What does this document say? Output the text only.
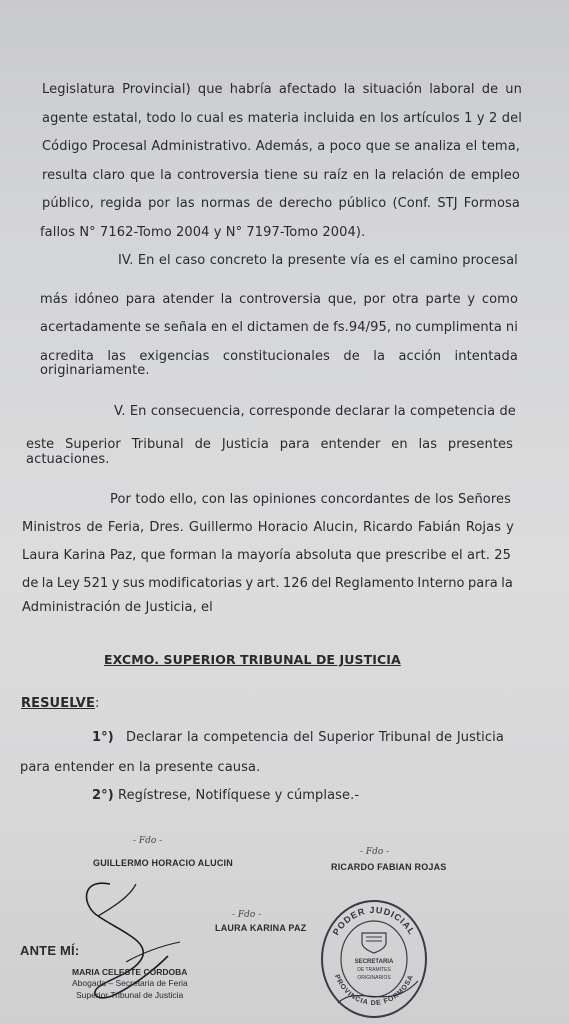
Legislatura Provincial) que habría afectado la situación laboral de un
agente estatal, todo lo cual es materia incluida en los artículos 1 y 2 del
Código Procesal Administrativo. Además, a poco que se analiza el tema,
resulta claro que la controversia tiene su raíz en la relación de empleo
público, regida por las normas de derecho público (Conf. STJ Formosa
fallos N° 7162-Tomo 2004 y N° 7197-Tomo 2004).
IV. En el caso concreto la presente vía es el camino procesal
más idóneo para atender la controversia que, por otra parte y como
acertadamente se señala en el dictamen de fs.94/95, no cumplimenta ni
acredita las exigencias constitucionales de la acción intentada
originariamente.
V. En consecuencia, corresponde declarar la competencia de
este Superior Tribunal de Justicia para entender en las presentes
actuaciones.
Por todo ello, con las opiniones concordantes de los Señores
Ministros de Feria, Dres. Guillermo Horacio Alucin, Ricardo Fabián Rojas y
Laura Karina Paz, que forman la mayoría absoluta que prescribe el art. 25
de la Ley 521 y sus modificatorias y art. 126 del Reglamento Interno para la
Administración de Justicia, el
EXCMO. SUPERIOR TRIBUNAL DE JUSTICIA
RESUELVE:
1°) Declarar la competencia del Superior Tribunal de Justicia
para entender en la presente causa.
2°) Regístrese, Notifíquese y cúmplase.-
- Fdo -
GUILLERMO HORACIO ALUCIN
- Fdo -
RICARDO FABIAN ROJAS
- Fdo -
LAURA KARINA PAZ
ANTE MÍ:
MARIA CELESTE CORDOBA
Abogada – Secretaria de Feria
Superior Tribunal de Justicia
PODER JUDICIAL
PROVINCIA DE FORMOSA
SECRETARIA
DE TRAMITES
ORIGINARIOS
